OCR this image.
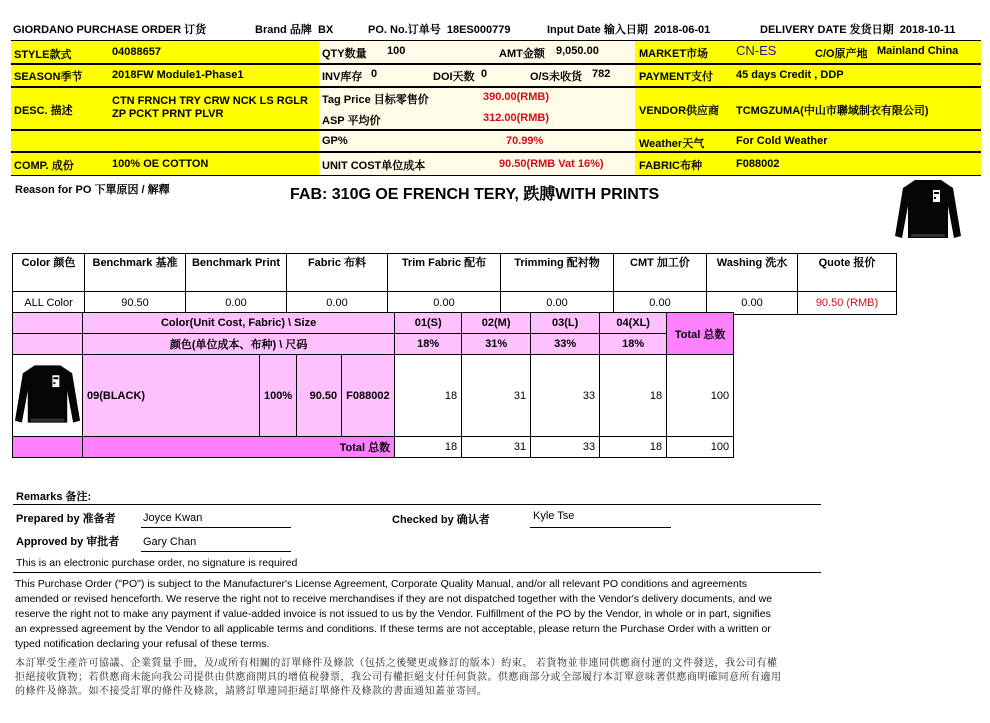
GIORDANO PURCHASE ORDER 订货	Brand 品牌 BX	PO. No.订单号 18ES000779	Input Date 输入日期 2018-06-01	DELIVERY DATE 发货日期 2018-10-11
STYLE款式	04088657
SEASON季节	2018FW Module1-Phase1
DESC. 描述
CTN FRNCH TRY CRW NCK LS RGLR
ZP PCKT PRNT PLVR
COMP. 成份	100% OE COTTON
QTY数量 100	AMT金额 9,050.00
INV库存 0	DOI天数 0	O/S未收货 782
Tag Price 目标零售价	390.00(RMB)
ASP 平均价	312.00(RMB)
GP%	70.99%
UNIT COST单位成本	90.50(RMB Vat 16%)
MARKET市场 CN-ES	C/O原产地 Mainland China
PAYMENT支付 45 days Credit , DDP
VENDOR供应商 TCMGZUMA(中山市聯域制衣有限公司)
Weather天气	For Cold Weather
FABRIC布种	F088002
Reason for PO 下單原因 / 解釋	FAB: 310G OE FRENCH TERY, 跌膊WITH PRINTS
Color 颜色	Benchmark 基准	Benchmark Print	Fabric 布料	Trim Fabric 配布	Trimming 配衬物	CMT 加工价	Washing 洗水	Quote 报价
ALL Color	90.50	0.00	0.00	0.00	0.00	0.00	0.00	90.50 (RMB)
	Color(Unit Cost, Fabric) \ Size				01(S)	02(M)	03(L)	04(XL)	Total 总数
	颜色(单位成本、布种) \ 尺码				18%	31%	33%	18%	
	09(BLACK)	100%	90.50	F088002	18	31	33	18	100
	Total 总数				18	31	33	18	100
Remarks 备注:
Prepared by 准备者 Joyce Kwan	Checked by 确认者	Kyle Tse
Approved by 审批者 Gary Chan
This is an electronic purchase order, no signature is required
This Purchase Order ("PO") is subject to the Manufacturer's License Agreement, Corporate Quality Manual, and/or all relevant PO conditions and agreements
amended or revised henceforth. We reserve the right not to receive merchandises if they are not dispatched together with the Vendor's delivery documents, and we
reserve the right not to make any payment if value-added invoice is not issued to us by the Vendor. Fulfillment of the PO by the Vendor, in whole or in part, signifies
an expressed agreement by the Vendor to all applicable terms and conditions. If these terms are not acceptable, please return the Purchase Order with a written or
typed notification declaring your refusal of these terms.
本訂單受生產許可協議、企業質量手冊，及/或所有相關的訂單條件及條款（包括之後變更或修訂的版本）約束。 若貨物並非連同供應商付運的文件發送，我公司有權
拒絕接收貨物；若供應商未能向我公司提供由供應商開具的增值稅發票，我公司有權拒絕支付任何貨款。供應商部分或全部履行本訂單意味著供應商明確同意所有適用
的條件及條款。如不接受訂單的條件及條款，請將訂單連同拒絕訂單條件及條款的書面通知蓋並寄回。
